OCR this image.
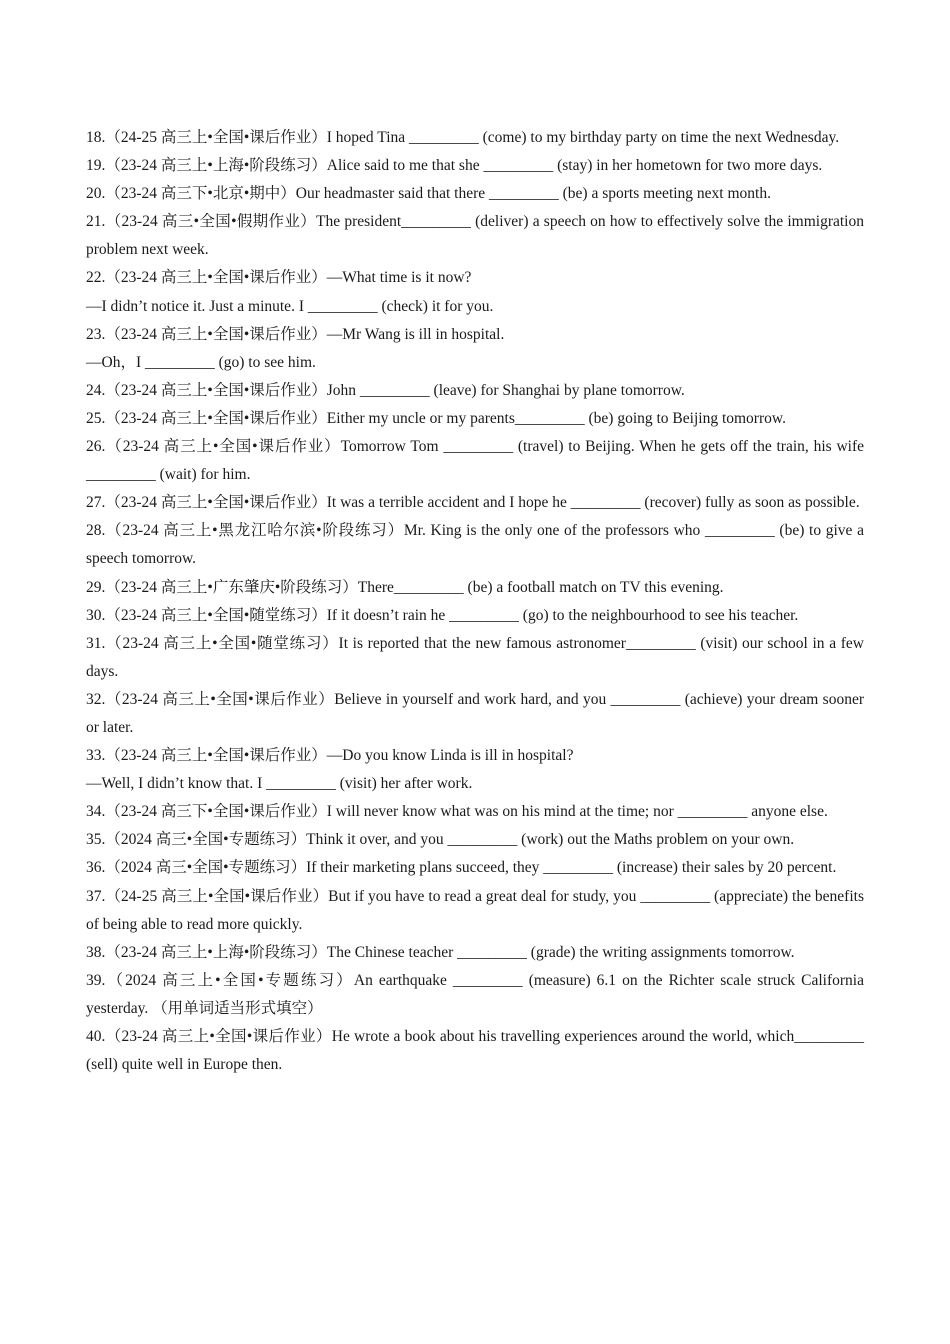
18.（24-25 高三上•全国•课后作业）I hoped Tina _________ (come) to my birthday party on time the next Wednesday.

19.（23-24 高三上•上海•阶段练习）Alice said to me that she _________ (stay) in her hometown for two more days.

20.（23-24 高三下•北京•期中）Our headmaster said that there _________ (be) a sports meeting next month.

21.（23-24 高三•全国•假期作业）The president_________ (deliver) a speech on how to effectively solve the immigration problem next week.

22.（23-24 高三上•全国•课后作业）—What time is it now?

—I didn’t notice it. Just a minute. I _________ (check) it for you.

23.（23-24 高三上•全国•课后作业）—Mr Wang is ill in hospital.

—Oh，I _________ (go) to see him.

24.（23-24 高三上•全国•课后作业）John _________ (leave) for Shanghai by plane tomorrow.

25.（23-24 高三上•全国•课后作业）Either my uncle or my parents_________ (be) going to Beijing tomorrow.

26.（23-24 高三上•全国•课后作业）Tomorrow Tom _________ (travel) to Beijing. When he gets off the train, his wife _________ (wait) for him.

27.（23-24 高三上•全国•课后作业）It was a terrible accident and I hope he _________ (recover) fully as soon as possible.

28.（23-24 高三上•黑龙江哈尔滨•阶段练习）Mr. King is the only one of the professors who _________ (be) to give a speech tomorrow.

29.（23-24 高三上•广东肇庆•阶段练习）There_________ (be) a football match on TV this evening.

30.（23-24 高三上•全国•随堂练习）If it doesn’t rain he _________ (go) to the neighbourhood to see his teacher.

31.（23-24 高三上•全国•随堂练习）It is reported that the new famous astronomer_________ (visit) our school in a few days.

32.（23-24 高三上•全国•课后作业）Believe in yourself and work hard, and you _________ (achieve) your dream sooner or later.

33.（23-24 高三上•全国•课后作业）—Do you know Linda is ill in hospital?

—Well, I didn’t know that. I _________ (visit) her after work.

34.（23-24 高三下•全国•课后作业）I will never know what was on his mind at the time; nor _________ anyone else.

35.（2024 高三•全国•专题练习）Think it over, and you _________ (work) out the Maths problem on your own.

36.（2024 高三•全国•专题练习）If their marketing plans succeed, they _________ (increase) their sales by 20 percent.

37.（24-25 高三上•全国•课后作业）But if you have to read a great deal for study, you _________ (appreciate) the benefits of being able to read more quickly.

38.（23-24 高三上•上海•阶段练习）The Chinese teacher _________ (grade) the writing assignments tomorrow.

39.（2024 高三上•全国•专题练习）An earthquake _________ (measure) 6.1 on the Richter scale struck California yesterday. （用单词适当形式填空）

40.（23-24 高三上•全国•课后作业）He wrote a book about his travelling experiences around the world, which_________ (sell) quite well in Europe then.
